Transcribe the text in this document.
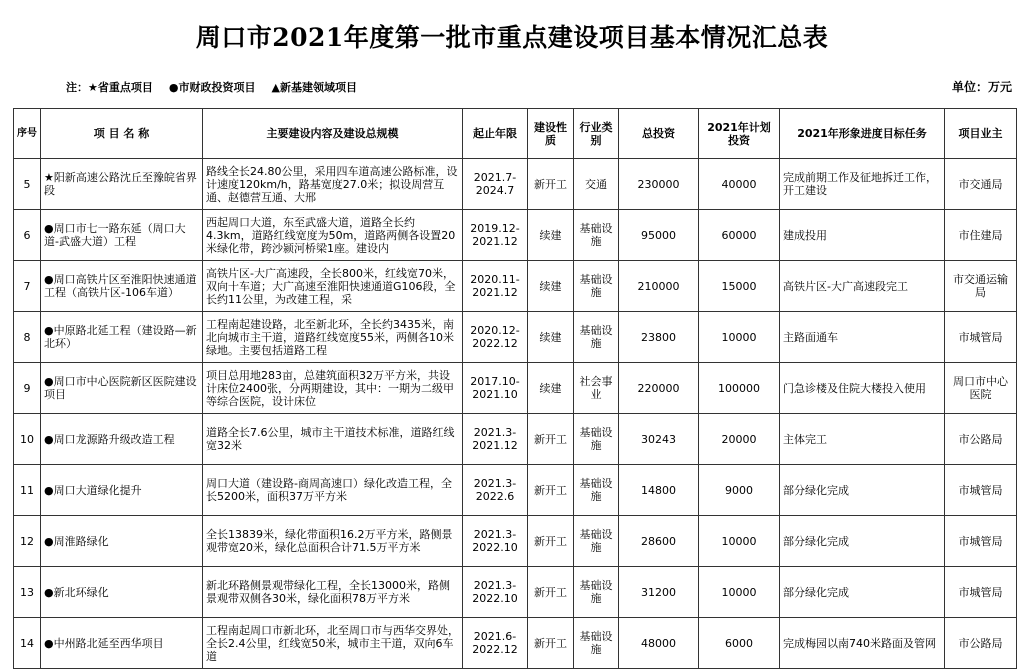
周口市2021年度第一批市重点建设项目基本情况汇总表
注：★省重点项目 ●市财政投资项目 ▲新基建领域项目	单位：万元
序号	项 目 名 称	主要建设内容及建设总规模	起止年限	建设性质	行业类别	总投资	2021年计划投资	2021年形象进度目标任务	项目业主

5	★阳新高速公路沈丘至豫皖省界段	路线全长24.80公里，采用四车道高速公路标准，设计速度120km/h，路基宽度27.0米；拟设周营互通、赵德营互通、大邢	2021.7-2024.7	新开工	交通	230000	40000	完成前期工作及征地拆迁工作，开工建设	市交通局

6	●周口市七一路东延（周口大道-武盛大道）工程	西起周口大道，东至武盛大道，道路全长约4.3km，道路红线宽度为50m，道路两侧各设置20米绿化带，跨沙颍河桥梁1座。建设内	2019.12-2021.12	续建	基础设施	95000	60000	建成投用	市住建局

7	●周口高铁片区至淮阳快速通道工程（高铁片区-106车道）	高铁片区-大广高速段，全长800米，红线宽70米，双向十车道；大广高速至淮阳快速通道G106段，全长约11公里，为改建工程，采	2020.11-2021.12	续建	基础设施	210000	15000	高铁片区-大广高速段完工	市交通运输局

8	●中原路北延工程（建设路—新北环）	工程南起建设路，北至新北环，全长约3435米，南北向城市主干道，道路红线宽度55米，两侧各10米绿地。主要包括道路工程	2020.12-2022.12	续建	基础设施	23800	10000	主路面通车	市城管局

9	●周口市中心医院新区医院建设项目	项目总用地283亩，总建筑面积32万平方米，共设计床位2400张，分两期建设，其中：一期为二级甲等综合医院，设计床位	2017.10-2021.10	续建	社会事业	220000	100000	门急诊楼及住院大楼投入使用	周口市中心医院

10	●周口龙源路升级改造工程	道路全长7.6公里，城市主干道技术标准，道路红线宽32米	2021.3-2021.12	新开工	基础设施	30243	20000	主体完工	市公路局

11	●周口大道绿化提升	周口大道（建设路-商周高速口）绿化改造工程，全长5200米，面积37万平方米	2021.3-2022.6	新开工	基础设施	14800	9000	部分绿化完成	市城管局

12	●周淮路绿化	全长13839米，绿化带面积16.2万平方米，路侧景观带宽20米，绿化总面积合计71.5万平方米	2021.3-2022.10	新开工	基础设施	28600	10000	部分绿化完成	市城管局

13	●新北环绿化	新北环路侧景观带绿化工程，全长13000米，路侧景观带双侧各30米，绿化面积78万平方米	2021.3-2022.10	新开工	基础设施	31200	10000	部分绿化完成	市城管局

14	●中州路北延至西华项目	工程南起周口市新北环，北至周口市与西华交界处，全长2.4公里，红线宽50米，城市主干道，双向6车道	2021.6-2022.12	新开工	基础设施	48000	6000	完成梅园以南740米路面及管网	市公路局
